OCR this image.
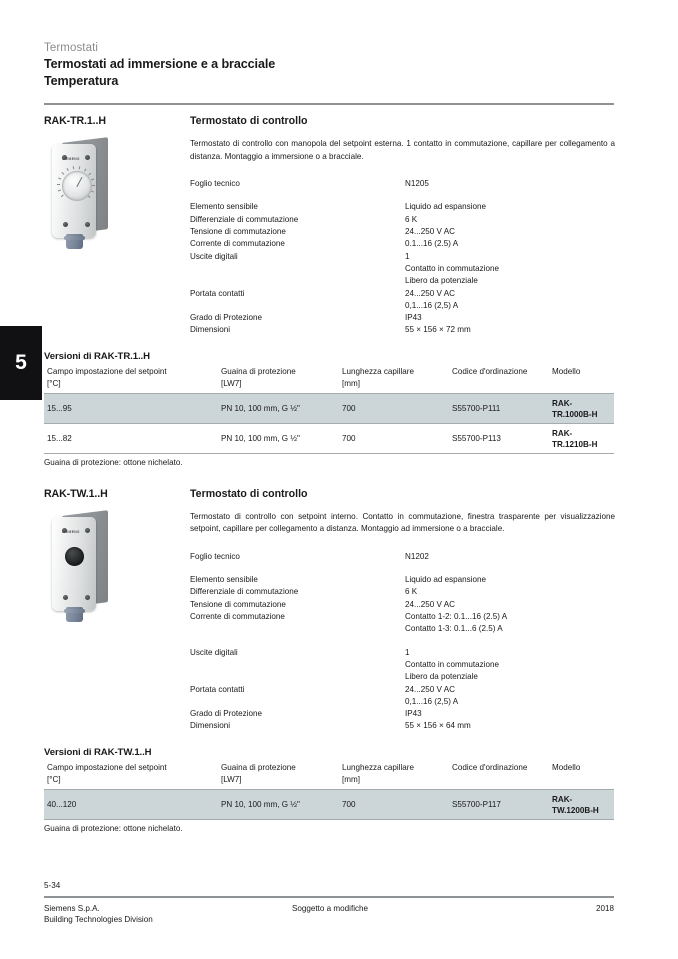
5
Termostati
Termostati ad immersione e a bracciale
Temperatura
RAK-TR.1..H	Termostato di controllo
SIEMENS
Termostato di controllo con manopola del setpoint esterna. 1 contatto in commutazione, capillare per collegamento a distanza. Montaggio a immersione o a bracciale.
Foglio tecnico	N1205
Elemento sensibile	Liquido ad espansione
Differenziale di commutazione	6 K
Tensione di commutazione	24...250 V AC
Corrente di commutazione	0.1...16 (2.5) A
Uscite digitali	1
Contatto in commutazione
Libero da potenziale
Portata contatti	24...250 V AC
0,1...16 (2,5) A
Grado di Protezione	IP43
Dimensioni	55 × 156 × 72 mm
Versioni di RAK-TR.1..H
Campo impostazione del setpoint	Guaina di protezione	Lunghezza capillare	Codice d'ordinazione	Modello
[°C]	[LW7]	[mm]		
15...95	PN 10, 100 mm, G ½"	700	S55700-P111	RAK-TR.1000B-H
15...82	PN 10, 100 mm, G ½"	700	S55700-P113	RAK-TR.1210B-H
Guaina di protezione: ottone nichelato.
RAK-TW.1..H	Termostato di controllo
SIEMENS
Termostato di controllo con setpoint interno. Contatto in commutazione, finestra trasparente per visualizzazione setpoint, capillare per collegamento a distanza. Montaggio ad immersione o a bracciale.
Foglio tecnico	N1202
Elemento sensibile	Liquido ad espansione
Differenziale di commutazione	6 K
Tensione di commutazione	24...250 V AC
Corrente di commutazione	Contatto 1-2: 0.1...16 (2.5) A
Contatto 1-3: 0.1...6 (2.5) A
Uscite digitali	1
Contatto in commutazione
Libero da potenziale
Portata contatti	24...250 V AC
0,1...16 (2,5) A
Grado di Protezione	IP43
Dimensioni	55 × 156 × 64 mm
Versioni di RAK-TW.1..H
Campo impostazione del setpoint	Guaina di protezione	Lunghezza capillare	Codice d'ordinazione	Modello
[°C]	[LW7]	[mm]		
40...120	PN 10, 100 mm, G ½"	700	S55700-P117	RAK-TW.1200B-H
Guaina di protezione: ottone nichelato.
5-34
Siemens S.p.A.
Building Technologies Division
Soggetto a modifiche	2018
